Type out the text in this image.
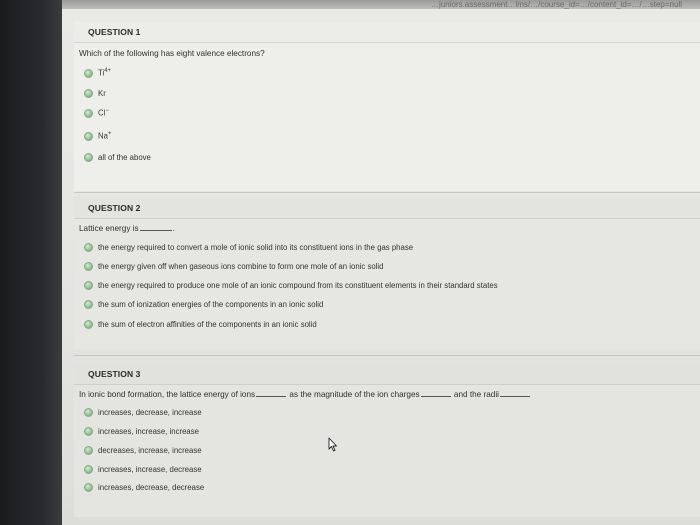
…juniors.assessment…lms/…/course_id=…/content_id=…/…step=null
QUESTION 1
Which of the following has eight valence electrons?
$Ti^{4+}$
Kr
Cl−
Na+
all of the above
QUESTION 2
Lattice energy is	.
the energy required to convert a mole of ionic solid into its constituent ions in the gas phase
the energy given off when gaseous ions combine to form one mole of an ionic solid
the energy required to produce one mole of an ionic compound from its constituent elements in their standard states
the sum of ionization energies of the components in an ionic solid
the sum of electron affinities of the components in an ionic solid
QUESTION 3
In ionic bond formation, the lattice energy of ions	as the magnitude of the ion charges	and the radii
increases, decrease, increase
increases, increase, increase
decreases, increase, increase
increases, increase, decrease
increases, decrease, decrease
